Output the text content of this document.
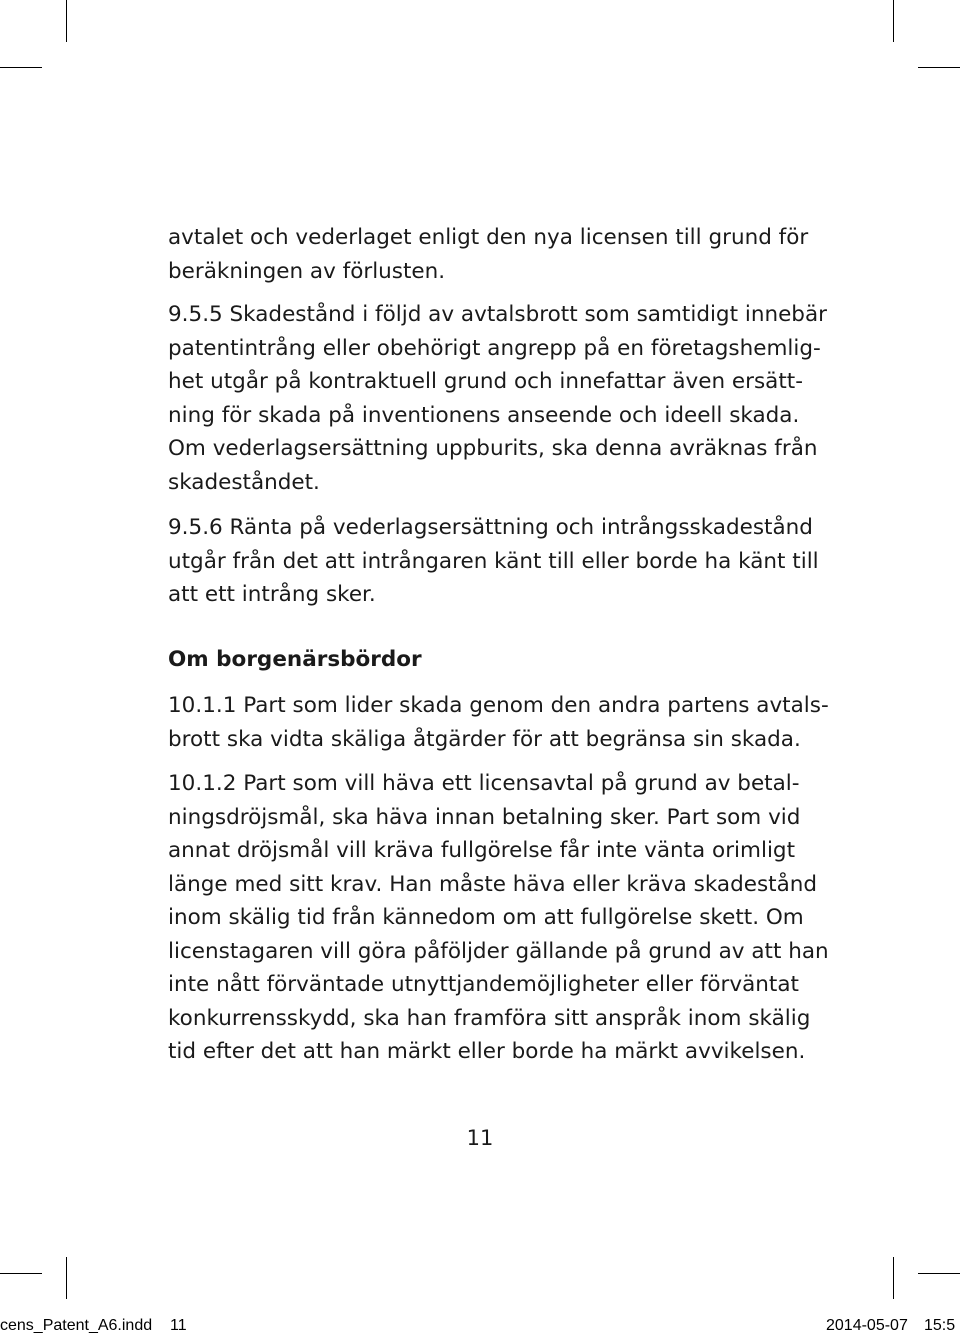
avtalet och vederlaget enligt den nya licensen till grund för
beräkningen av förlusten.

9.5.5 Skadestånd i följd av avtalsbrott som samtidigt innebär
patentintrång eller obehörigt angrepp på en företagshemlig-
het utgår på kontraktuell grund och innefattar även ersätt-
ning för skada på inventionens anseende och ideell skada.
Om vederlagsersättning uppburits, ska denna avräknas från
skadeståndet.

9.5.6 Ränta på vederlagsersättning och intrångsskadestånd
utgår från det att intrångaren känt till eller borde ha känt till
att ett intrång sker.

Om borgenärsbördor

10.1.1 Part som lider skada genom den andra partens avtals-
brott ska vidta skäliga åtgärder för att begränsa sin skada.

10.1.2 Part som vill häva ett licensavtal på grund av betal-
ningsdröjsmål, ska häva innan betalning sker. Part som vid
annat dröjsmål vill kräva fullgörelse får inte vänta orimligt
länge med sitt krav. Han måste häva eller kräva skadestånd
inom skälig tid från kännedom om att fullgörelse skett. Om
licenstagaren vill göra påföljder gällande på grund av att han
inte nått förväntade utnyttjandemöjligheter eller förväntat
konkurrensskydd, ska han framföra sitt anspråk inom skälig
tid efter det att han märkt eller borde ha märkt avvikelsen.

11
cens_Patent_A6.indd 11	2014-05-07 15:5
